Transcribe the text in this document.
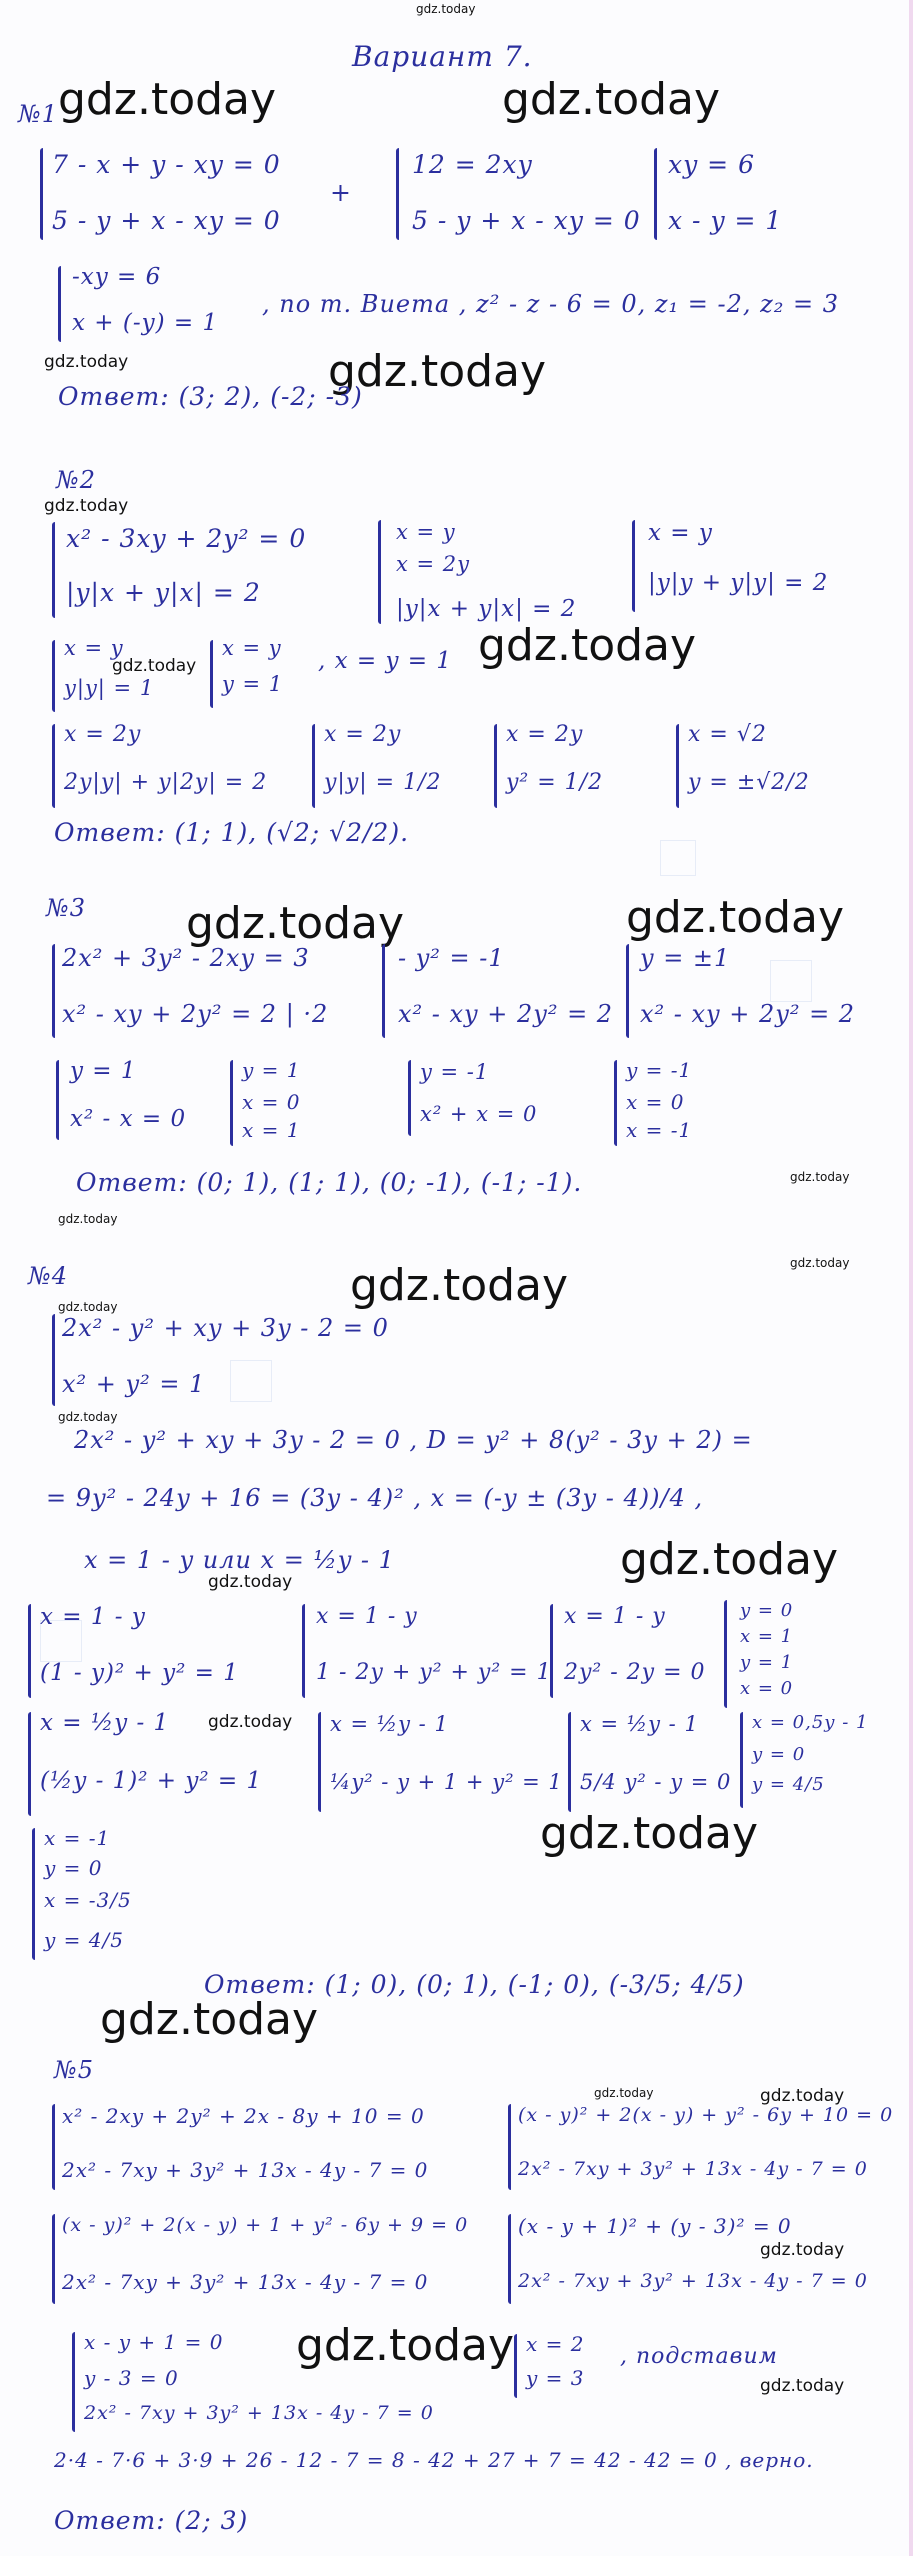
gdz.today
Вариант 7.
gdz.today	gdz.today
gdz.today
gdz.today
gdz.today
gdz.today
gdz.today
gdz.today	gdz.today
gdz.today
gdz.today
gdz.today
gdz.today
gdz.today
gdz.today
gdz.today	gdz.today
gdz.today
gdz.today
gdz.today
gdz.today	gdz.today
gdz.today
gdz.today
gdz.today
№1
7 - x + y - xy = 0
5 - y + x - xy = 0
+
12 = 2xy
5 - y + x - xy = 0
xy = 6
x - y = 1
-xy = 6
x + (-y) = 1
, по т. Виета , z² - z - 6 = 0, z₁ = -2, z₂ = 3
Ответ: (3; 2), (-2; -3)
№2
x² - 3xy + 2y² = 0
|y|x + y|x| = 2
x = y
x = 2y
|y|x + y|x| = 2
x = y
|y|y + y|y| = 2
x = y
y|y| = 1
x = y
y = 1
, x = y = 1
x = 2y
2y|y| + y|2y| = 2
x = 2y
y|y| = 1/2
x = 2y
y² = 1/2
x = √2
y = ±√2/2
Ответ: (1; 1), (√2; √2/2).
№3
2x² + 3y² - 2xy = 3
x² - xy + 2y² = 2 | ·2
- y² = -1
x² - xy + 2y² = 2
y = ±1
x² - xy + 2y² = 2
y = 1
x² - x = 0
y = 1
x = 0
x = 1
y = -1
x² + x = 0
y = -1
x = 0
x = -1
Ответ: (0; 1), (1; 1), (0; -1), (-1; -1).
№4
2x² - y² + xy + 3y - 2 = 0
x² + y² = 1
2x² - y² + xy + 3y - 2 = 0 , D = y² + 8(y² - 3y + 2) =
= 9y² - 24y + 16 = (3y - 4)² , x = (-y ± (3y - 4))/4 ,
x = 1 - y или x = ½y - 1
x = 1 - y
(1 - y)² + y² = 1
x = 1 - y
1 - 2y + y² + y² = 1
x = 1 - y
2y² - 2y = 0
y = 0
x = 1
y = 1
x = 0
x = ½y - 1
(½y - 1)² + y² = 1
x = ½y - 1
¼y² - y + 1 + y² = 1
x = ½y - 1
5/4 y² - y = 0
x = 0,5y - 1
y = 0
y = 4/5
x = -1
y = 0
x = -3/5
y = 4/5
Ответ: (1; 0), (0; 1), (-1; 0), (-3/5; 4/5)
№5
x² - 2xy + 2y² + 2x - 8y + 10 = 0
2x² - 7xy + 3y² + 13x - 4y - 7 = 0
(x - y)² + 2(x - y) + y² - 6y + 10 = 0
2x² - 7xy + 3y² + 13x - 4y - 7 = 0
(x - y)² + 2(x - y) + 1 + y² - 6y + 9 = 0
2x² - 7xy + 3y² + 13x - 4y - 7 = 0
(x - y + 1)² + (y - 3)² = 0
2x² - 7xy + 3y² + 13x - 4y - 7 = 0
x - y + 1 = 0
y - 3 = 0
2x² - 7xy + 3y² + 13x - 4y - 7 = 0
x = 2
y = 3
, подставим
2·4 - 7·6 + 3·9 + 26 - 12 - 7 = 8 - 42 + 27 + 7 = 42 - 42 = 0 , верно.
Ответ: (2; 3)
